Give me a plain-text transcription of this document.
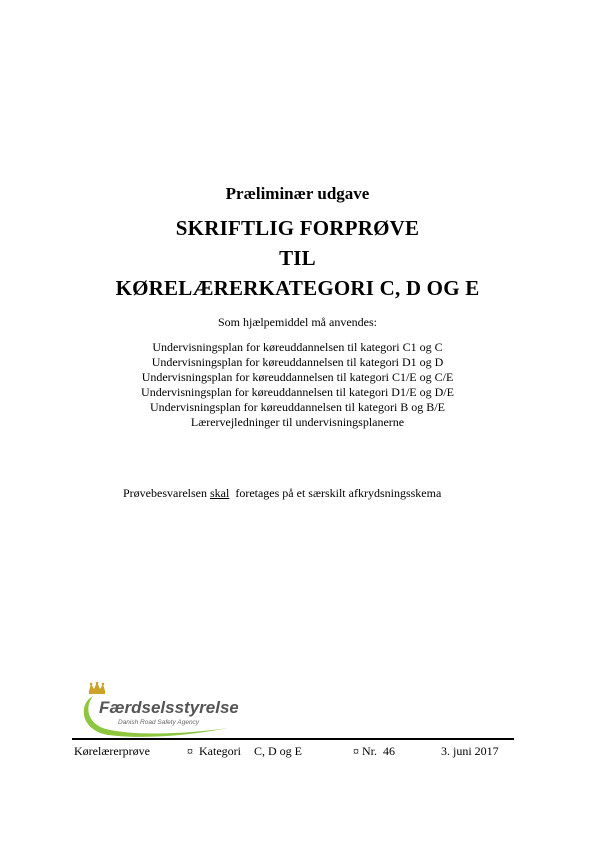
Præliminær udgave
SKRIFTLIG FORPRØVE
TIL
KØRELÆRERKATEGORI C, D OG E
Som hjælpemiddel må anvendes:
Undervisningsplan for køreuddannelsen til kategori C1 og C
Undervisningsplan for køreuddannelsen til kategori D1 og D
Undervisningsplan for køreuddannelsen til kategori C1/E og C/E
Undervisningsplan for køreuddannelsen til kategori D1/E og D/E
Undervisningsplan for køreuddannelsen til kategori B og B/E
Lærervejledninger til undervisningsplanerne
Prøvebesvarelsen skal  foretages på et særskilt afkrydsningsskema
Færdselsstyrelsen
Danish Road Safety Agency
Kørelærerprøve	¤  Kategori C, D og E	¤ Nr.  46	3. juni 2017
